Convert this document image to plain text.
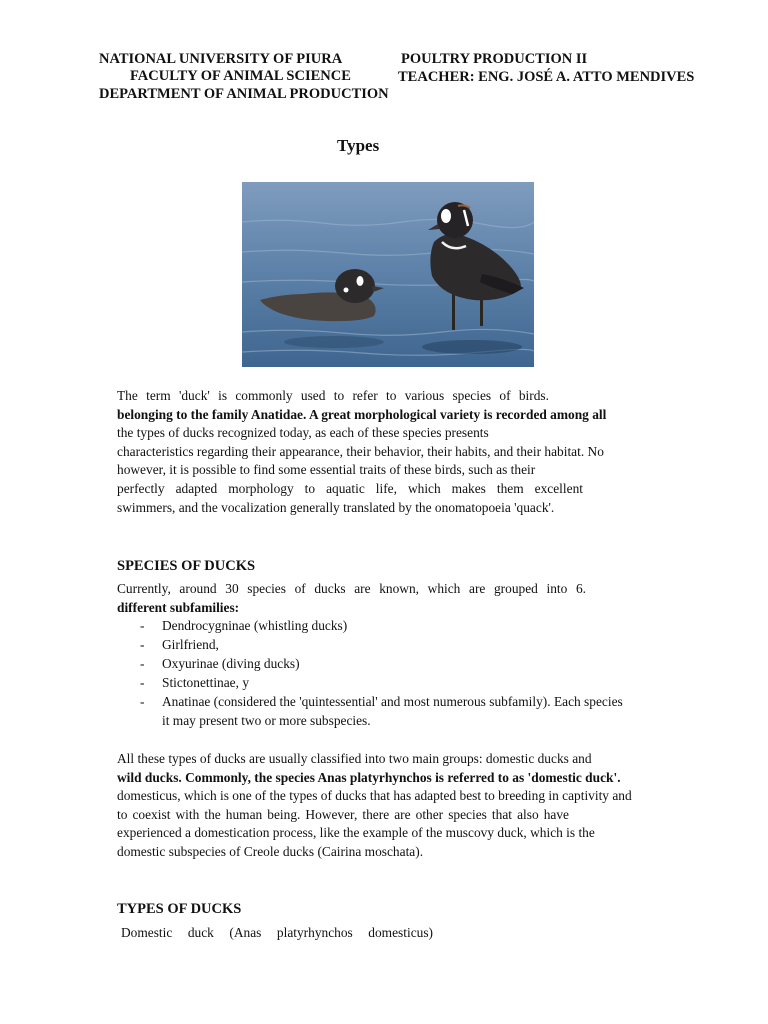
NATIONAL UNIVERSITY OF PIURA	POULTRY PRODUCTION II
FACULTY OF ANIMAL SCIENCE	TEACHER: ENG. JOSÉ A. ATTO MENDIVES
DEPARTMENT OF ANIMAL PRODUCTION
Types
The term 'duck' is commonly used to refer to various species of birds.
belonging to the family Anatidae. A great morphological variety is recorded among all
the types of ducks recognized today, as each of these species presents
characteristics regarding their appearance, their behavior, their habits, and their habitat. No
however, it is possible to find some essential traits of these birds, such as their
perfectly adapted morphology to aquatic life, which makes them excellent
swimmers, and the vocalization generally translated by the onomatopoeia 'quack'.
SPECIES OF DUCKS
Currently, around 30 species of ducks are known, which are grouped into 6.
different subfamilies:
- Dendrocygninae (whistling ducks)
- Girlfriend,
- Oxyurinae (diving ducks)
- Stictonettinae, y
- Anatinae (considered the 'quintessential' and most numerous subfamily). Each species
it may present two or more subspecies.
All these types of ducks are usually classified into two main groups: domestic ducks and
wild ducks. Commonly, the species Anas platyrhynchos is referred to as 'domestic duck'.
domesticus, which is one of the types of ducks that has adapted best to breeding in captivity and
to coexist with the human being. However, there are other species that also have
experienced a domestication process, like the example of the muscovy duck, which is the
domestic subspecies of Creole ducks (Cairina moschata).
TYPES OF DUCKS
Domestic duck (Anas platyrhynchos domesticus)
